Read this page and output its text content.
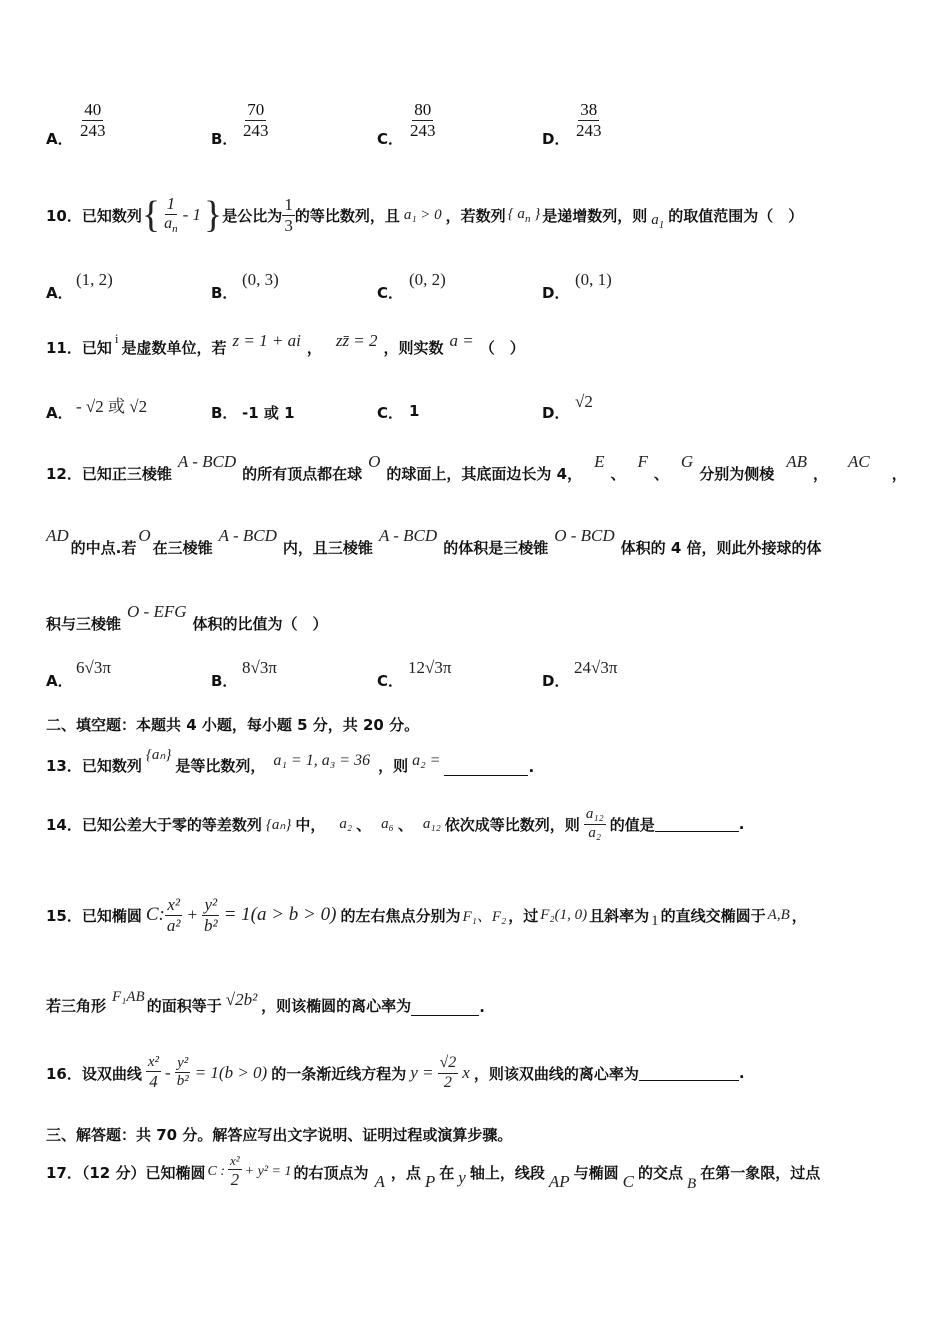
A． $\frac{40}{243}$	B． $\frac{70}{243}$	C． $\frac{80}{243}$	D． $\frac{38}{243}$
10．已知数列 { $\frac{1}{a_n} - 1$ } 是公比为 $\frac{1}{3}$ 的等比数列，且 a₁ > 0 ，若数列 { $a_n$ } 是递增数列，则 $a_1$ 的取值范围为（　）
A．
(1, 2)
B．
(0, 3)
C．
(0, 2)
D．
(0, 1)
11．已知 i 是虚数单位，若 z = 1 + ai ， zz̄ = 2 ，则实数 a = （　）
A． - √2 或 √2	B． -1 或 1	C． 1	D．
√2
12．已知正三棱锥
A - BCD
的所有顶点都在球
O
的球面上，其底面边长为 4，
E
、
F
、
G
分别为侧棱
AB
，
AC
，
AD
的中点.若
O
在三棱锥
A - BCD
内，且三棱锥
A - BCD
的体积是三棱锥
O - BCD
体积的 4 倍，则此外接球的体
积与三棱锥
O - EFG
体积的比值为（　）
A．
6√3π
B．
8√3π
C．
12√3π
D．
24√3π
二、填空题：本题共 4 小题，每小题 5 分，共 20 分。
13．已知数列
{aₙ}
是等比数列， a₁ = 1, a₃ = 36 ，则 a₂ =	.
14．已知公差大于零的等差数列 {aₙ} 中， a₂ 、 a₆ 、 a₁₂ 依次成等比数列，则 $\frac{\text{a₁₂}}{\text{a₂}}$ 的值是	.
15．已知椭圆 C: $\frac{\text{x²}}{\text{a²}} + \frac{\text{y²}}{\text{b²}} = 1(a > b > 0)$ 的左右焦点分别为 F₁、F₂ ，过 F₂(1, 0) 且斜率为 1 的直线交椭圆于 A,B ，
若三角形 F₁AB 的面积等于 √2b² ，则该椭圆的离心率为	.
16．设双曲线 $\frac{\text{x²}}{4} - \frac{\text{y²}}{\text{b²}} = 1(b > 0)$ 的一条渐近线方程为 $y = \frac{√2}{2}$ x ，则该双曲线的离心率为	.
三、解答题：共 70 分。解答应写出文字说明、证明过程或演算步骤。
17．（12 分）已知椭圆 C : $\frac{\text{x²}}{2} + y^2 = 1$ 的右顶点为 A ，点 P 在 y 轴上，线段 AP 与椭圆 C 的交点
B
在第一象限，过点
